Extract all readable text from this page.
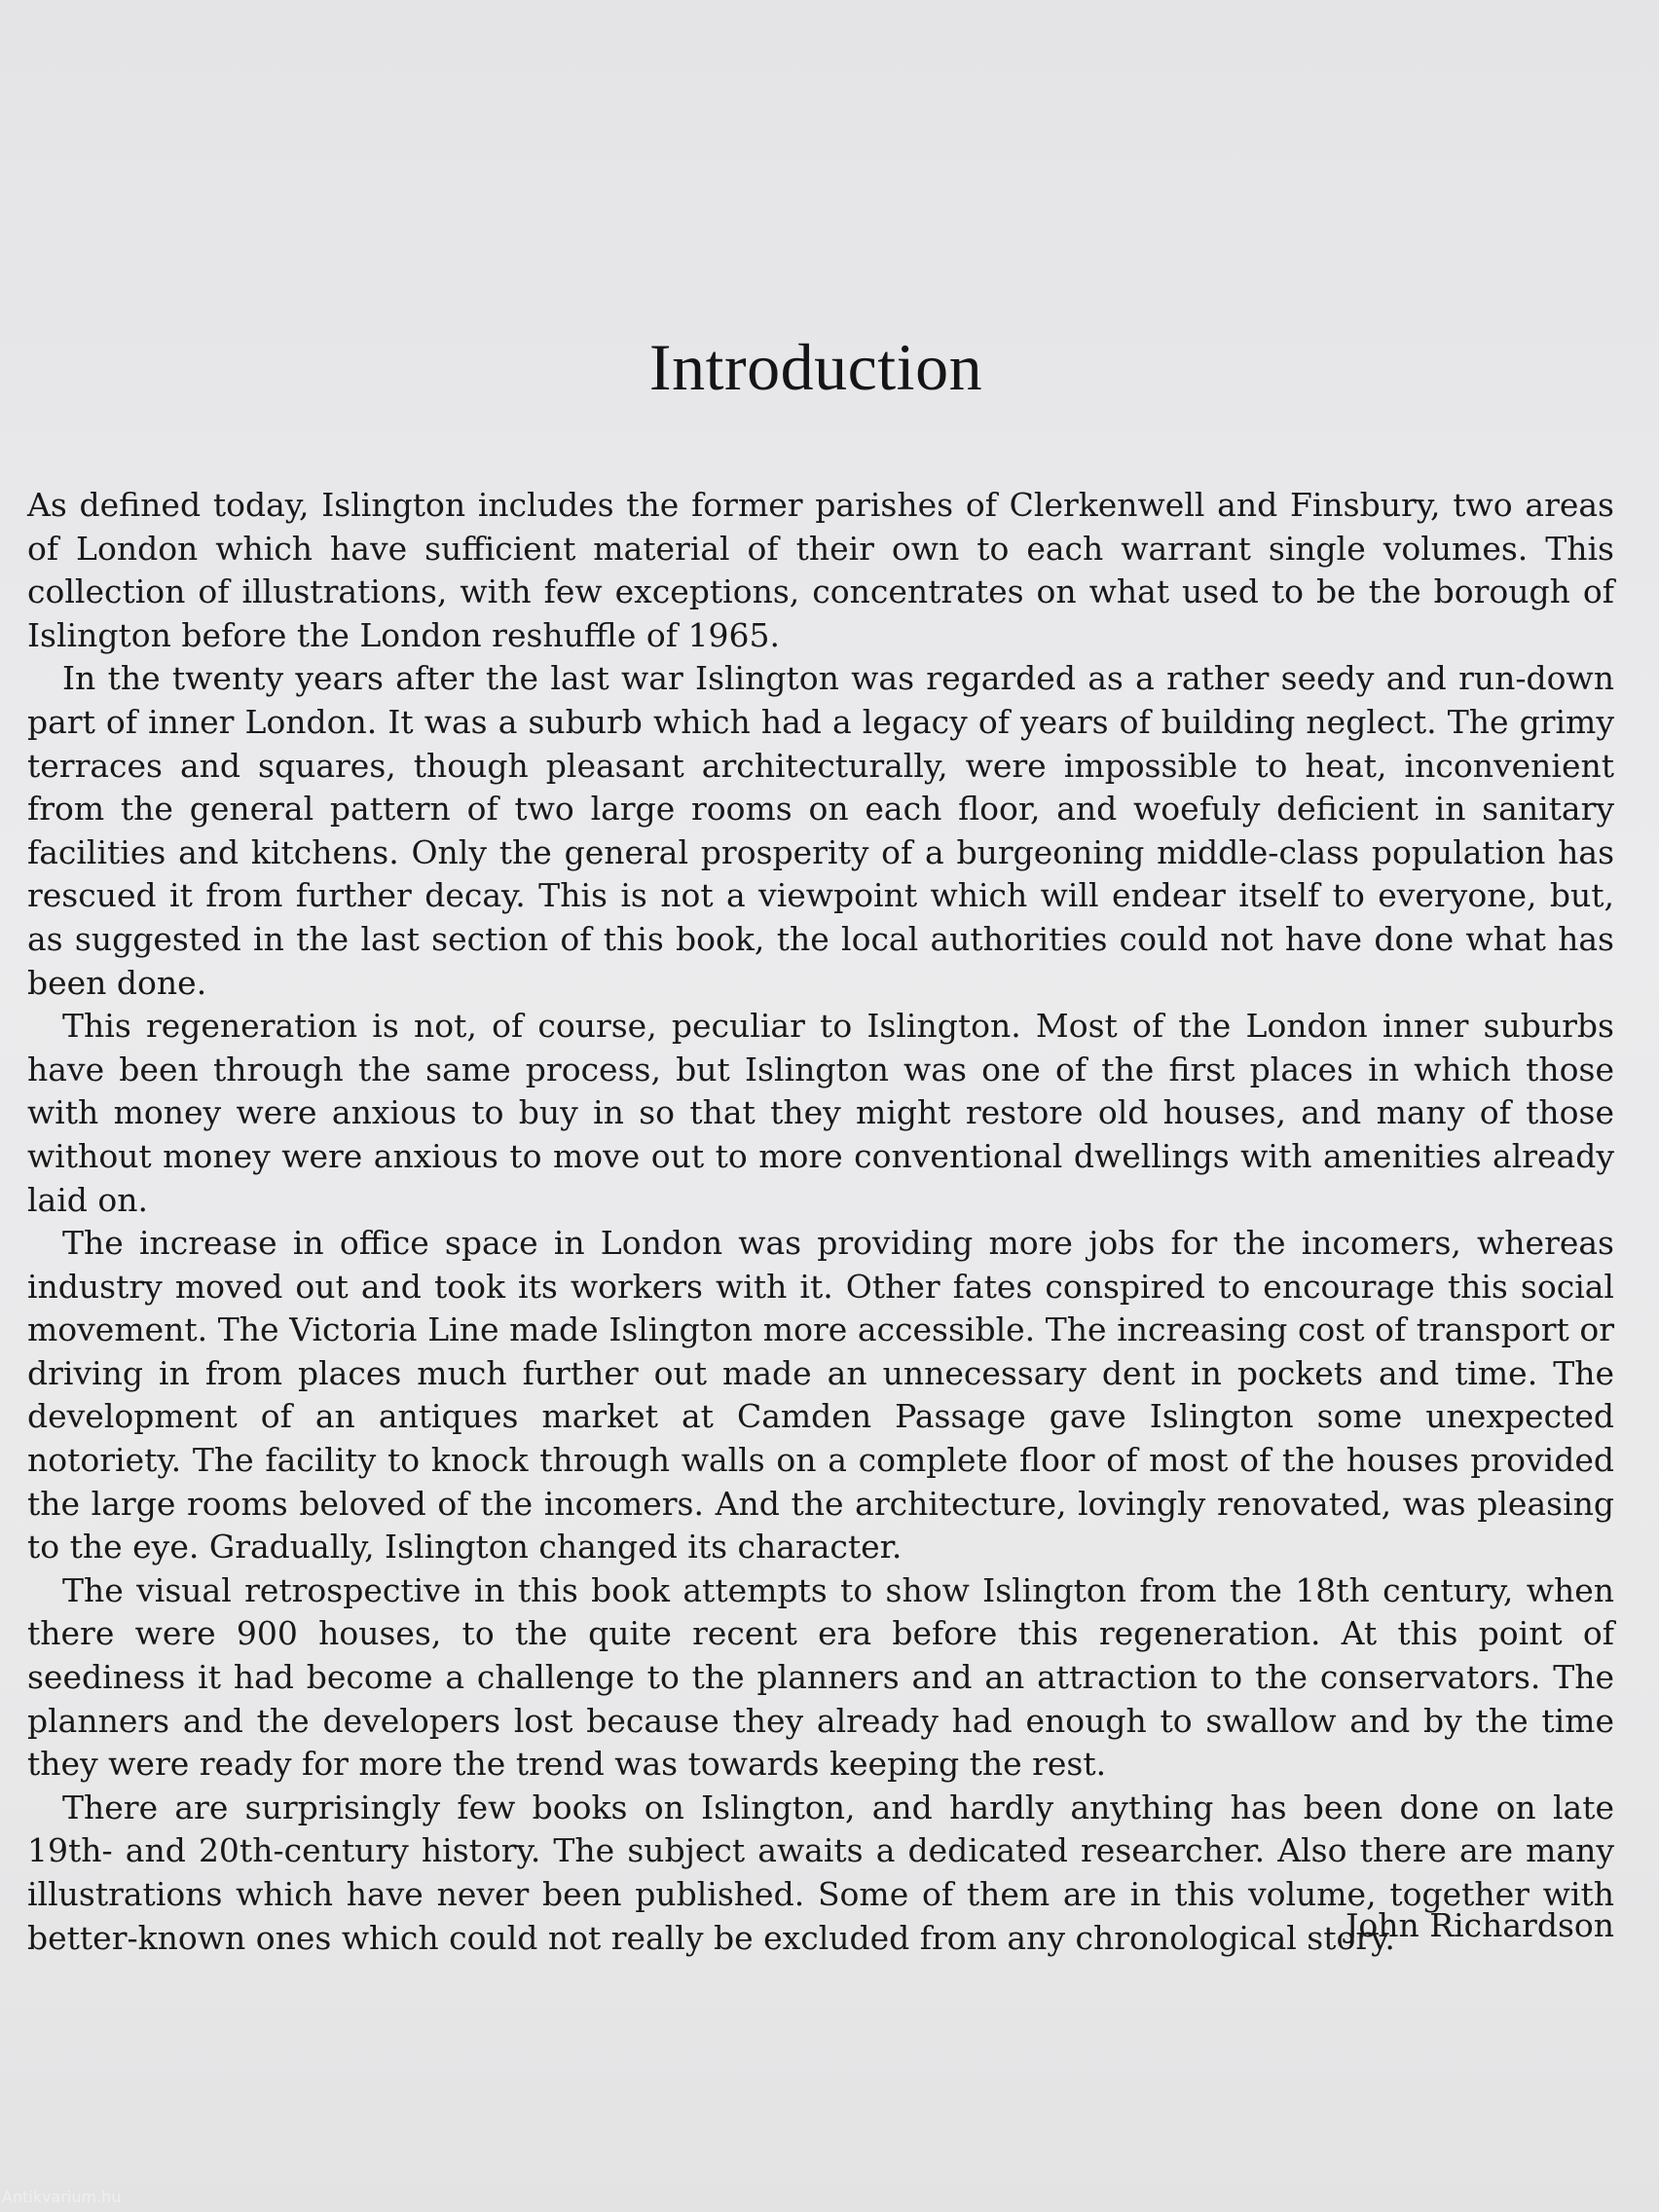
Introduction

As defined today, Islington includes the former parishes of Clerkenwell and Finsbury, two areas of London which have sufficient material of their own to each warrant single volumes. This collection of illustrations, with few exceptions, concentrates on what used to be the borough of Islington before the London reshuffle of 1965.

In the twenty years after the last war Islington was regarded as a rather seedy and run-down part of inner London. It was a suburb which had a legacy of years of building neglect. The grimy terraces and squares, though pleasant architecturally, were impossible to heat, inconvenient from the general pattern of two large rooms on each floor, and woefuly deficient in sanitary facilities and kitchens. Only the general prosperity of a burgeoning middle-class population has rescued it from further decay. This is not a viewpoint which will endear itself to everyone, but, as suggested in the last section of this book, the local authorities could not have done what has been done.

This regeneration is not, of course, peculiar to Islington. Most of the London inner suburbs have been through the same process, but Islington was one of the first places in which those with money were anxious to buy in so that they might restore old houses, and many of those without money were anxious to move out to more conventional dwellings with amenities already laid on.

The increase in office space in London was providing more jobs for the incomers, whereas industry moved out and took its workers with it. Other fates conspired to encourage this social movement. The Victoria Line made Islington more accessible. The increasing cost of transport or driving in from places much further out made an unnecessary dent in pockets and time. The development of an antiques market at Camden Passage gave Islington some unexpected notoriety. The facility to knock through walls on a complete floor of most of the houses provided the large rooms beloved of the incomers. And the architecture, lovingly renovated, was pleasing to the eye. Gradually, Islington changed its character.

The visual retrospective in this book attempts to show Islington from the 18th century, when there were 900 houses, to the quite recent era before this regeneration. At this point of seediness it had become a challenge to the planners and an attraction to the conservators. The planners and the developers lost because they already had enough to swallow and by the time they were ready for more the trend was towards keeping the rest.

There are surprisingly few books on Islington, and hardly anything has been done on late 19th- and 20th-century history. The subject awaits a dedicated researcher. Also there are many illustrations which have never been published. Some of them are in this volume, together with better-known ones which could not really be excluded from any chronological story.

John Richardson

Antikvarium.hu
